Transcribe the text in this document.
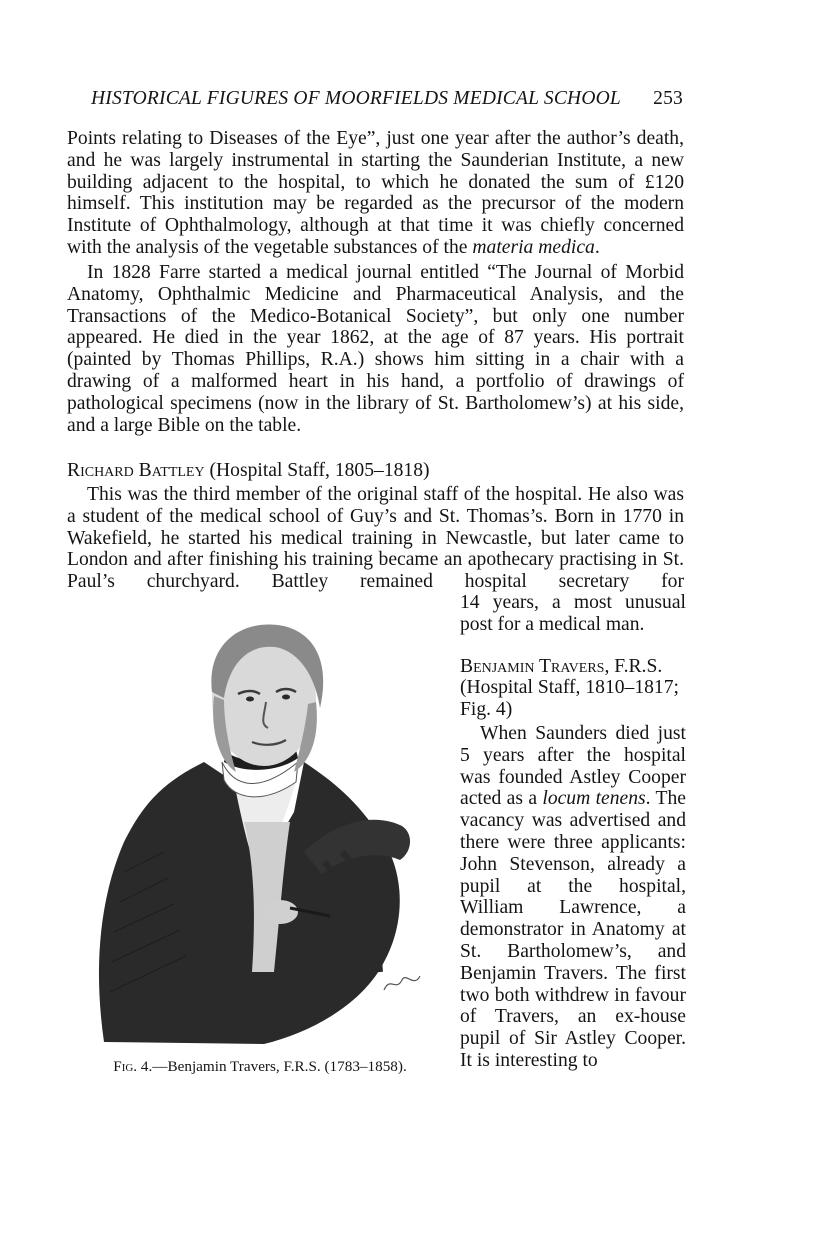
HISTORICAL FIGURES OF MOORFIELDS MEDICAL SCHOOL 253

Points relating to Diseases of the Eye”, just one year after the author’s death, and he was largely instrumental in starting the Saunderian Institute, a new building adjacent to the hospital, to which he donated the sum of £120 himself. This institution may be regarded as the precursor of the modern Institute of Ophthalmology, although at that time it was chiefly concerned with the analysis of the vegetable substances of the materia medica.

In 1828 Farre started a medical journal entitled “The Journal of Morbid Anatomy, Ophthalmic Medicine and Pharmaceutical Analysis, and the Transactions of the Medico-Botanical Society”, but only one number appeared. He died in the year 1862, at the age of 87 years. His portrait (painted by Thomas Phillips, R.A.) shows him sitting in a chair with a drawing of a malformed heart in his hand, a portfolio of drawings of pathological specimens (now in the library of St. Bartholomew’s) at his side, and a large Bible on the table.

Richard Battley (Hospital Staff, 1805–1818)

This was the third member of the original staff of the hospital. He also was a student of the medical school of Guy’s and St. Thomas’s. Born in 1770 in Wakefield, he started his medical training in Newcastle, but later came to London and after finishing his training became an apothecary practising in St. Paul’s churchyard. Battley remained hospital secretary for

14 years, a most unusual post for a medical man.

Benjamin Travers, F.R.S. (Hospital Staff, 1810–1817; Fig. 4)

When Saunders died just 5 years after the hospital was founded Astley Cooper acted as a locum tenens. The vacancy was advertised and there were three applicants: John Stevenson, already a pupil at the hospital, William Lawrence, a demonstrator in Anatomy at St. Bartholomew’s, and Benjamin Travers. The first two both withdrew in favour of Travers, an ex-house pupil of Sir Astley Cooper. It is interesting to

Fig. 4.—Benjamin Travers, F.R.S. (1783–1858).
